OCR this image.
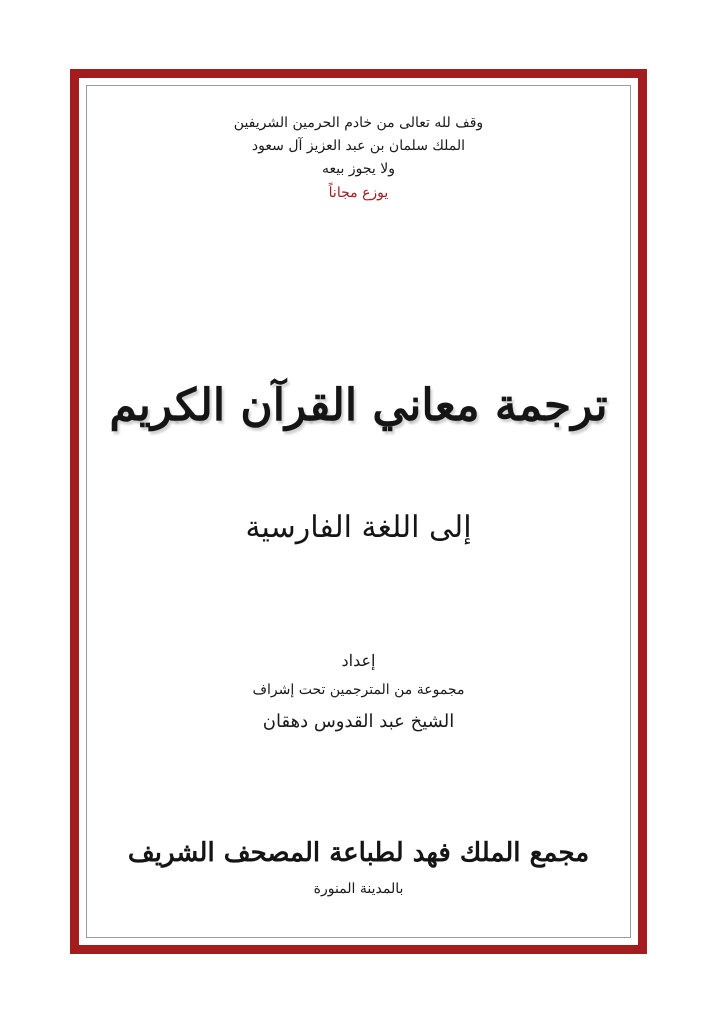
وقف لله تعالى من خادم الحرمين الشريفين
الملك سلمان بن عبد العزيز آل سعود
ولا يجوز بيعه
يوزع مجاناً
ترجمة معاني القرآن الكريم
إلى اللغة الفارسية
إعداد
مجموعة من المترجمين تحت إشراف
الشيخ عبد القدوس دهقان
مجمع الملك فهد لطباعة المصحف الشريف
بالمدينة المنورة
